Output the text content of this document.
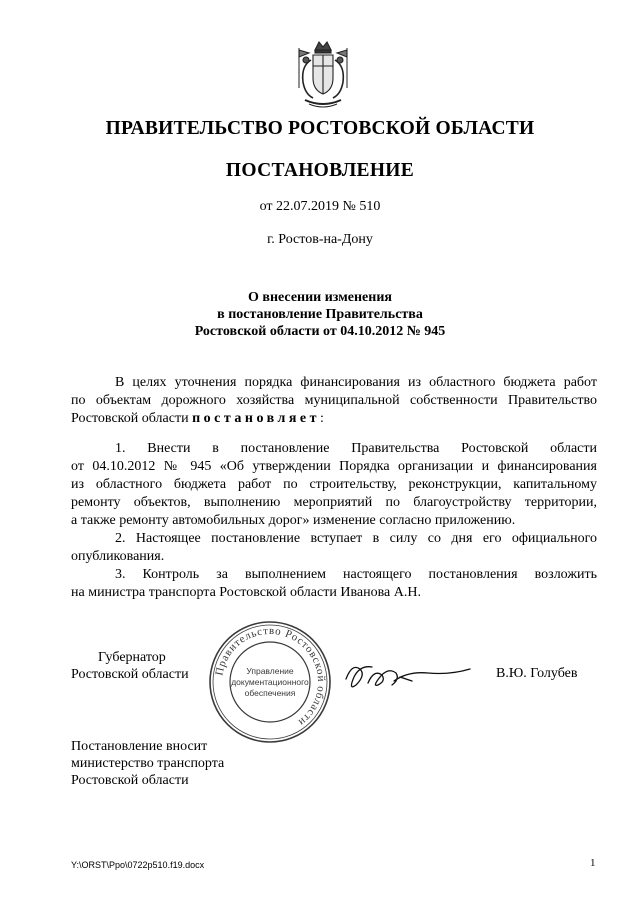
ПРАВИТЕЛЬСТВО РОСТОВСКОЙ ОБЛАСТИ
ПОСТАНОВЛЕНИЕ
от 22.07.2019 № 510
г. Ростов-на-Дону
О внесении изменения
в постановление Правительства
Ростовской области от 04.10.2012 № 945
В целях уточнения порядка финансирования из областного бюджета работ
по объектам дорожного хозяйства муниципальной собственности Правительство
Ростовской области постановляет:
1. Внести в постановление Правительства Ростовской области
от 04.10.2012 № 945 «Об утверждении Порядка организации и финансирования
из областного бюджета работ по строительству, реконструкции, капитальному
ремонту объектов, выполнению мероприятий по благоустройству территории,
а также ремонту автомобильных дорог» изменение согласно приложению.
2. Настоящее постановление вступает в силу со дня его официального
опубликования.
3. Контроль за выполнением настоящего постановления возложить
на министра транспорта Ростовской области Иванова А.Н.
Губернатор
Ростовской области Правительство Ростовской области
Управление
документационного
обеспечения
В.Ю. Голубев
Постановление вносит
министерство транспорта
Ростовской области
Y:\ORST\Ppo\0722p510.f19.docx	1
